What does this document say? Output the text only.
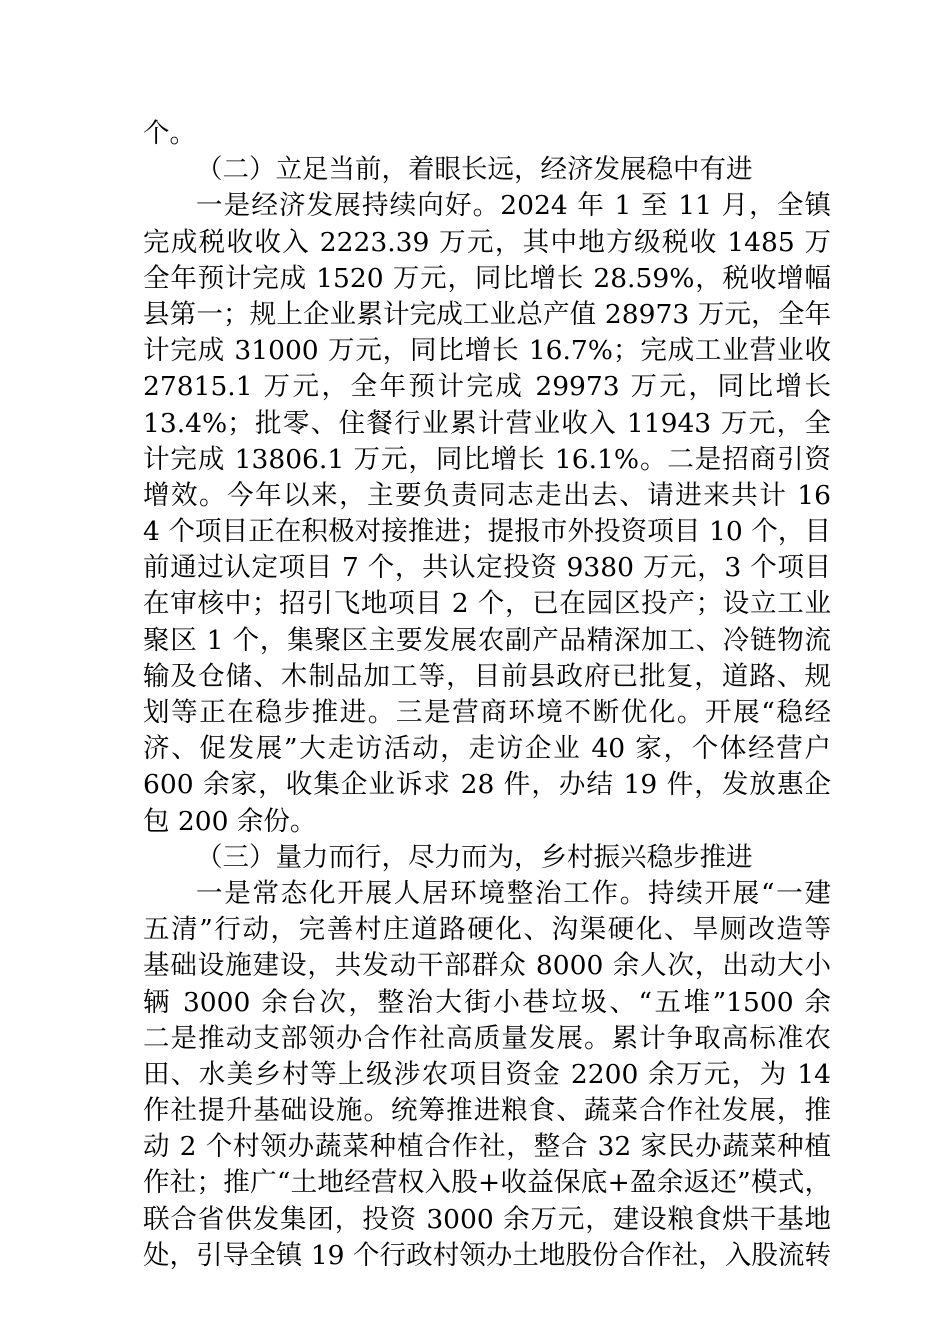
个。
（二）立足当前，着眼长远，经济发展稳中有进
一是经济发展持续向好。2024 年 1 至 11 月，全镇
完成税收收入 2223.39 万元，其中地方级税收 1485 万
全年预计完成 1520 万元，同比增长 28.59%，税收增幅
县第一；规上企业累计完成工业总产值 28973 万元，全年
计完成 31000 万元，同比增长 16.7%；完成工业营业收
27815.1 万元，全年预计完成 29973 万元，同比增长
13.4%；批零、住餐行业累计营业收入 11943 万元，全
计完成 13806.1 万元，同比增长 16.1%。二是招商引资
增效。今年以来，主要负责同志走出去、请进来共计 16
4 个项目正在积极对接推进；提报市外投资项目 10 个，目
前通过认定项目 7 个，共认定投资 9380 万元，3 个项目
在审核中；招引飞地项目 2 个，已在园区投产；设立工业
聚区 1 个，集聚区主要发展农副产品精深加工、冷链物流
输及仓储、木制品加工等，目前县政府已批复，道路、规
划等正在稳步推进。三是营商环境不断优化。开展“稳经
济、促发展”大走访活动，走访企业 40 家，个体经营户
600 余家，收集企业诉求 28 件，办结 19 件，发放惠企
包 200 余份。
（三）量力而行，尽力而为，乡村振兴稳步推进
一是常态化开展人居环境整治工作。持续开展“一建
五清”行动，完善村庄道路硬化、沟渠硬化、旱厕改造等
基础设施建设，共发动干部群众 8000 余人次，出动大小
辆 3000 余台次，整治大街小巷垃圾、“五堆”1500 余
二是推动支部领办合作社高质量发展。累计争取高标准农
田、水美乡村等上级涉农项目资金 2200 余万元，为 14
作社提升基础设施。统筹推进粮食、蔬菜合作社发展，推
动 2 个村领办蔬菜种植合作社，整合 32 家民办蔬菜种植
作社；推广“土地经营权入股+收益保底+盈余返还”模式，
联合省供发集团，投资 3000 余万元，建设粮食烘干基地
处，引导全镇 19 个行政村领办土地股份合作社，入股流转
